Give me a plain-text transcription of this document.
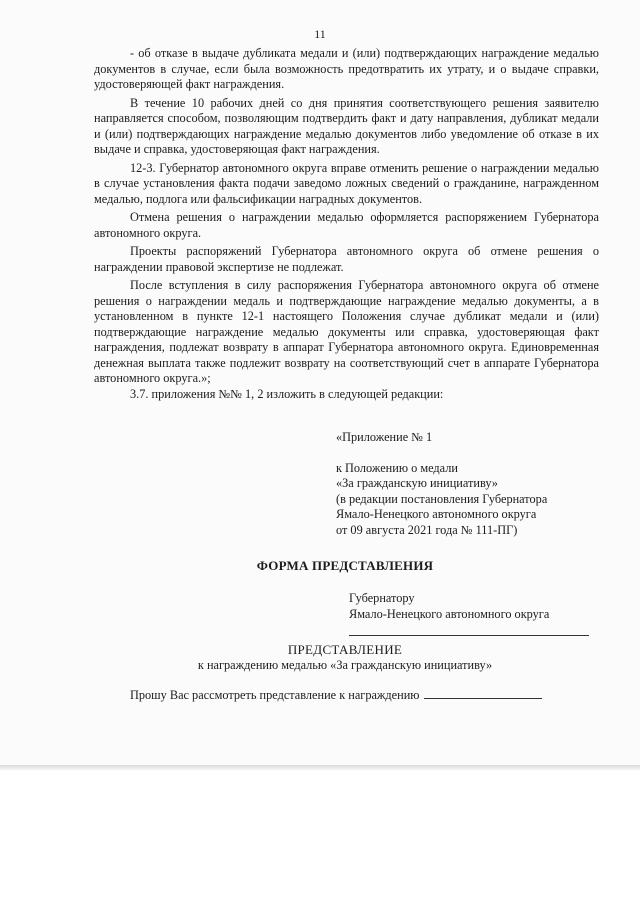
11

- об отказе в выдаче дубликата медали и (или) подтверждающих награждение медалью документов в случае, если была возможность предотвратить их утрату, и о выдаче справки, удостоверяющей факт награждения.

В течение 10 рабочих дней со дня принятия соответствующего решения заявителю направляется способом, позволяющим подтвердить факт и дату направления, дубликат медали и (или) подтверждающих награждение медалью документов либо уведомление об отказе в их выдаче и справка, удостоверяющая факт награждения.

12-3. Губернатор автономного округа вправе отменить решение о награждении медалью в случае установления факта подачи заведомо ложных сведений о гражданине, награжденном медалью, подлога или фальсификации наградных документов.

Отмена решения о награждении медалью оформляется распоряжением Губернатора автономного округа.

Проекты распоряжений Губернатора автономного округа об отмене решения о награждении правовой экспертизе не подлежат.

После вступления в силу распоряжения Губернатора автономного округа об отмене решения о награждении медаль и подтверждающие награждение медалью документы, а в установленном в пункте 12-1 настоящего Положения случае дубликат медали и (или) подтверждающие награждение медалью документы или справка, удостоверяющая факт награждения, подлежат возврату в аппарат Губернатора автономного округа. Единовременная денежная выплата также подлежит возврату на соответствующий счет в аппарате Губернатора автономного округа.»;

3.7. приложения №№ 1, 2 изложить в следующей редакции:

«Приложение № 1
к Положению о медали
«За гражданскую инициативу»
(в редакции постановления Губернатора
Ямало-Ненецкого автономного округа
от 09 августа 2021 года № 111-ПГ)
ФОРМА ПРЕДСТАВЛЕНИЯ
Губернатору
Ямало-Ненецкого автономного округа
ПРЕДСТАВЛЕНИЕ
к награждению медалью «За гражданскую инициативу»
Прошу Вас рассмотреть представление к награждению
